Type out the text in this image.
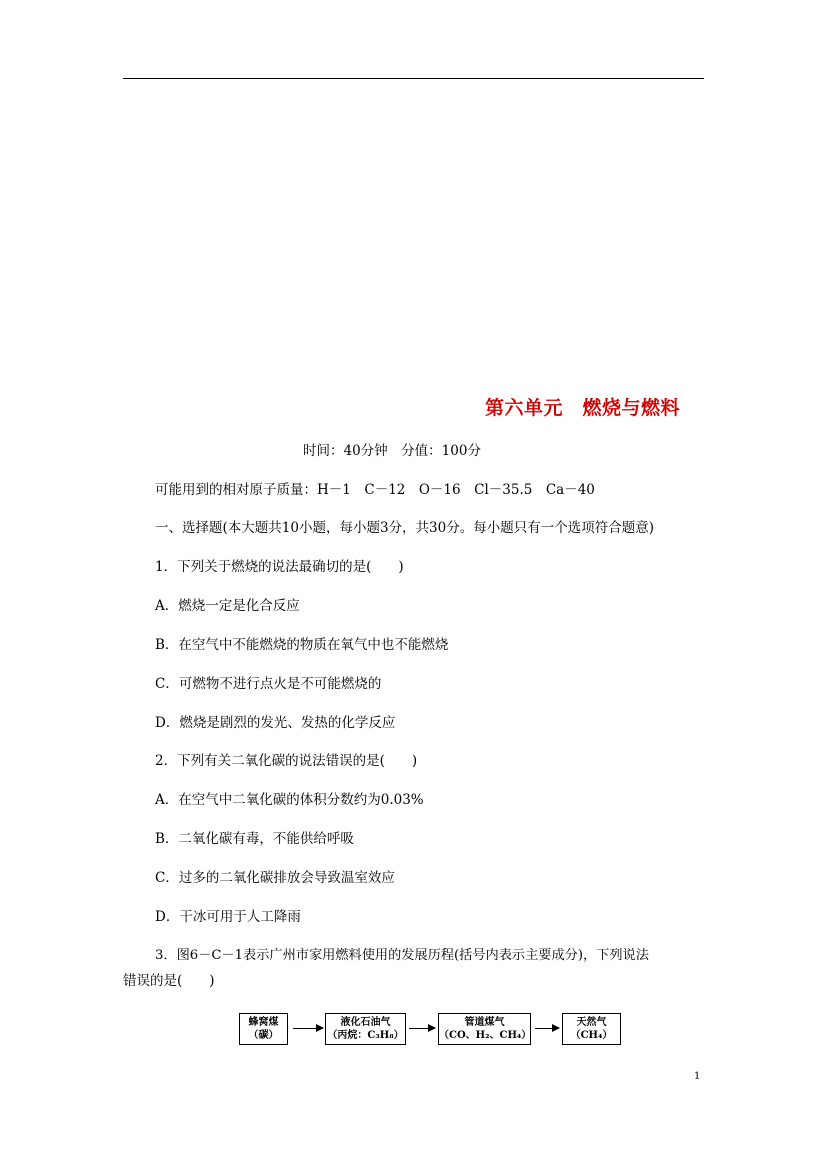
第六单元　燃烧与燃料
时间：40分钟　分值：100分
可能用到的相对原子质量：H－1　C－12　O－16　Cl－35.5　Ca－40
一、选择题(本大题共10小题，每小题3分，共30分。每小题只有一个选项符合题意)
1．下列关于燃烧的说法最确切的是(　　)
A．燃烧一定是化合反应
B．在空气中不能燃烧的物质在氧气中也不能燃烧
C．可燃物不进行点火是不可能燃烧的
D．燃烧是剧烈的发光、发热的化学反应
2．下列有关二氧化碳的说法错误的是(　　)
A．在空气中二氧化碳的体积分数约为0.03%
B．二氧化碳有毒，不能供给呼吸
C．过多的二氧化碳排放会导致温室效应
D．干冰可用于人工降雨
3．图6－C－1表示广州市家用燃料使用的发展历程(括号内表示主要成分)，下列说法
错误的是(　　)
蜂窝煤
（碳）
液化石油气
（丙烷：C₃H₈）
管道煤气
（CO、H₂、CH₄）
天然气
（CH₄）
1
